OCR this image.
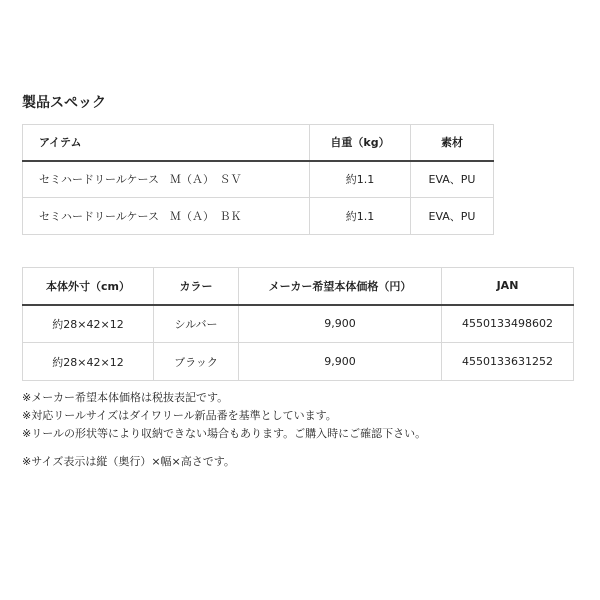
製品スペック
アイテム	自重（kg）	素材
セミハードリールケース　Ｍ（Ａ）　ＳＶ	約1.1	EVA、PU
セミハードリールケース　Ｍ（Ａ）　ＢＫ	約1.1	EVA、PU
本体外寸（cm）	カラー	メーカー希望本体価格（円）	JAN
約28×42×12	シルバー	9,900	4550133498602
約28×42×12	ブラック	9,900	4550133631252
※メーカー希望本体価格は税抜表記です。
※対応リールサイズはダイワリール新品番を基準としています。
※リールの形状等により収納できない場合もあります。ご購入時にご確認下さい。
※サイズ表示は縦（奥行）×幅×高さです。
